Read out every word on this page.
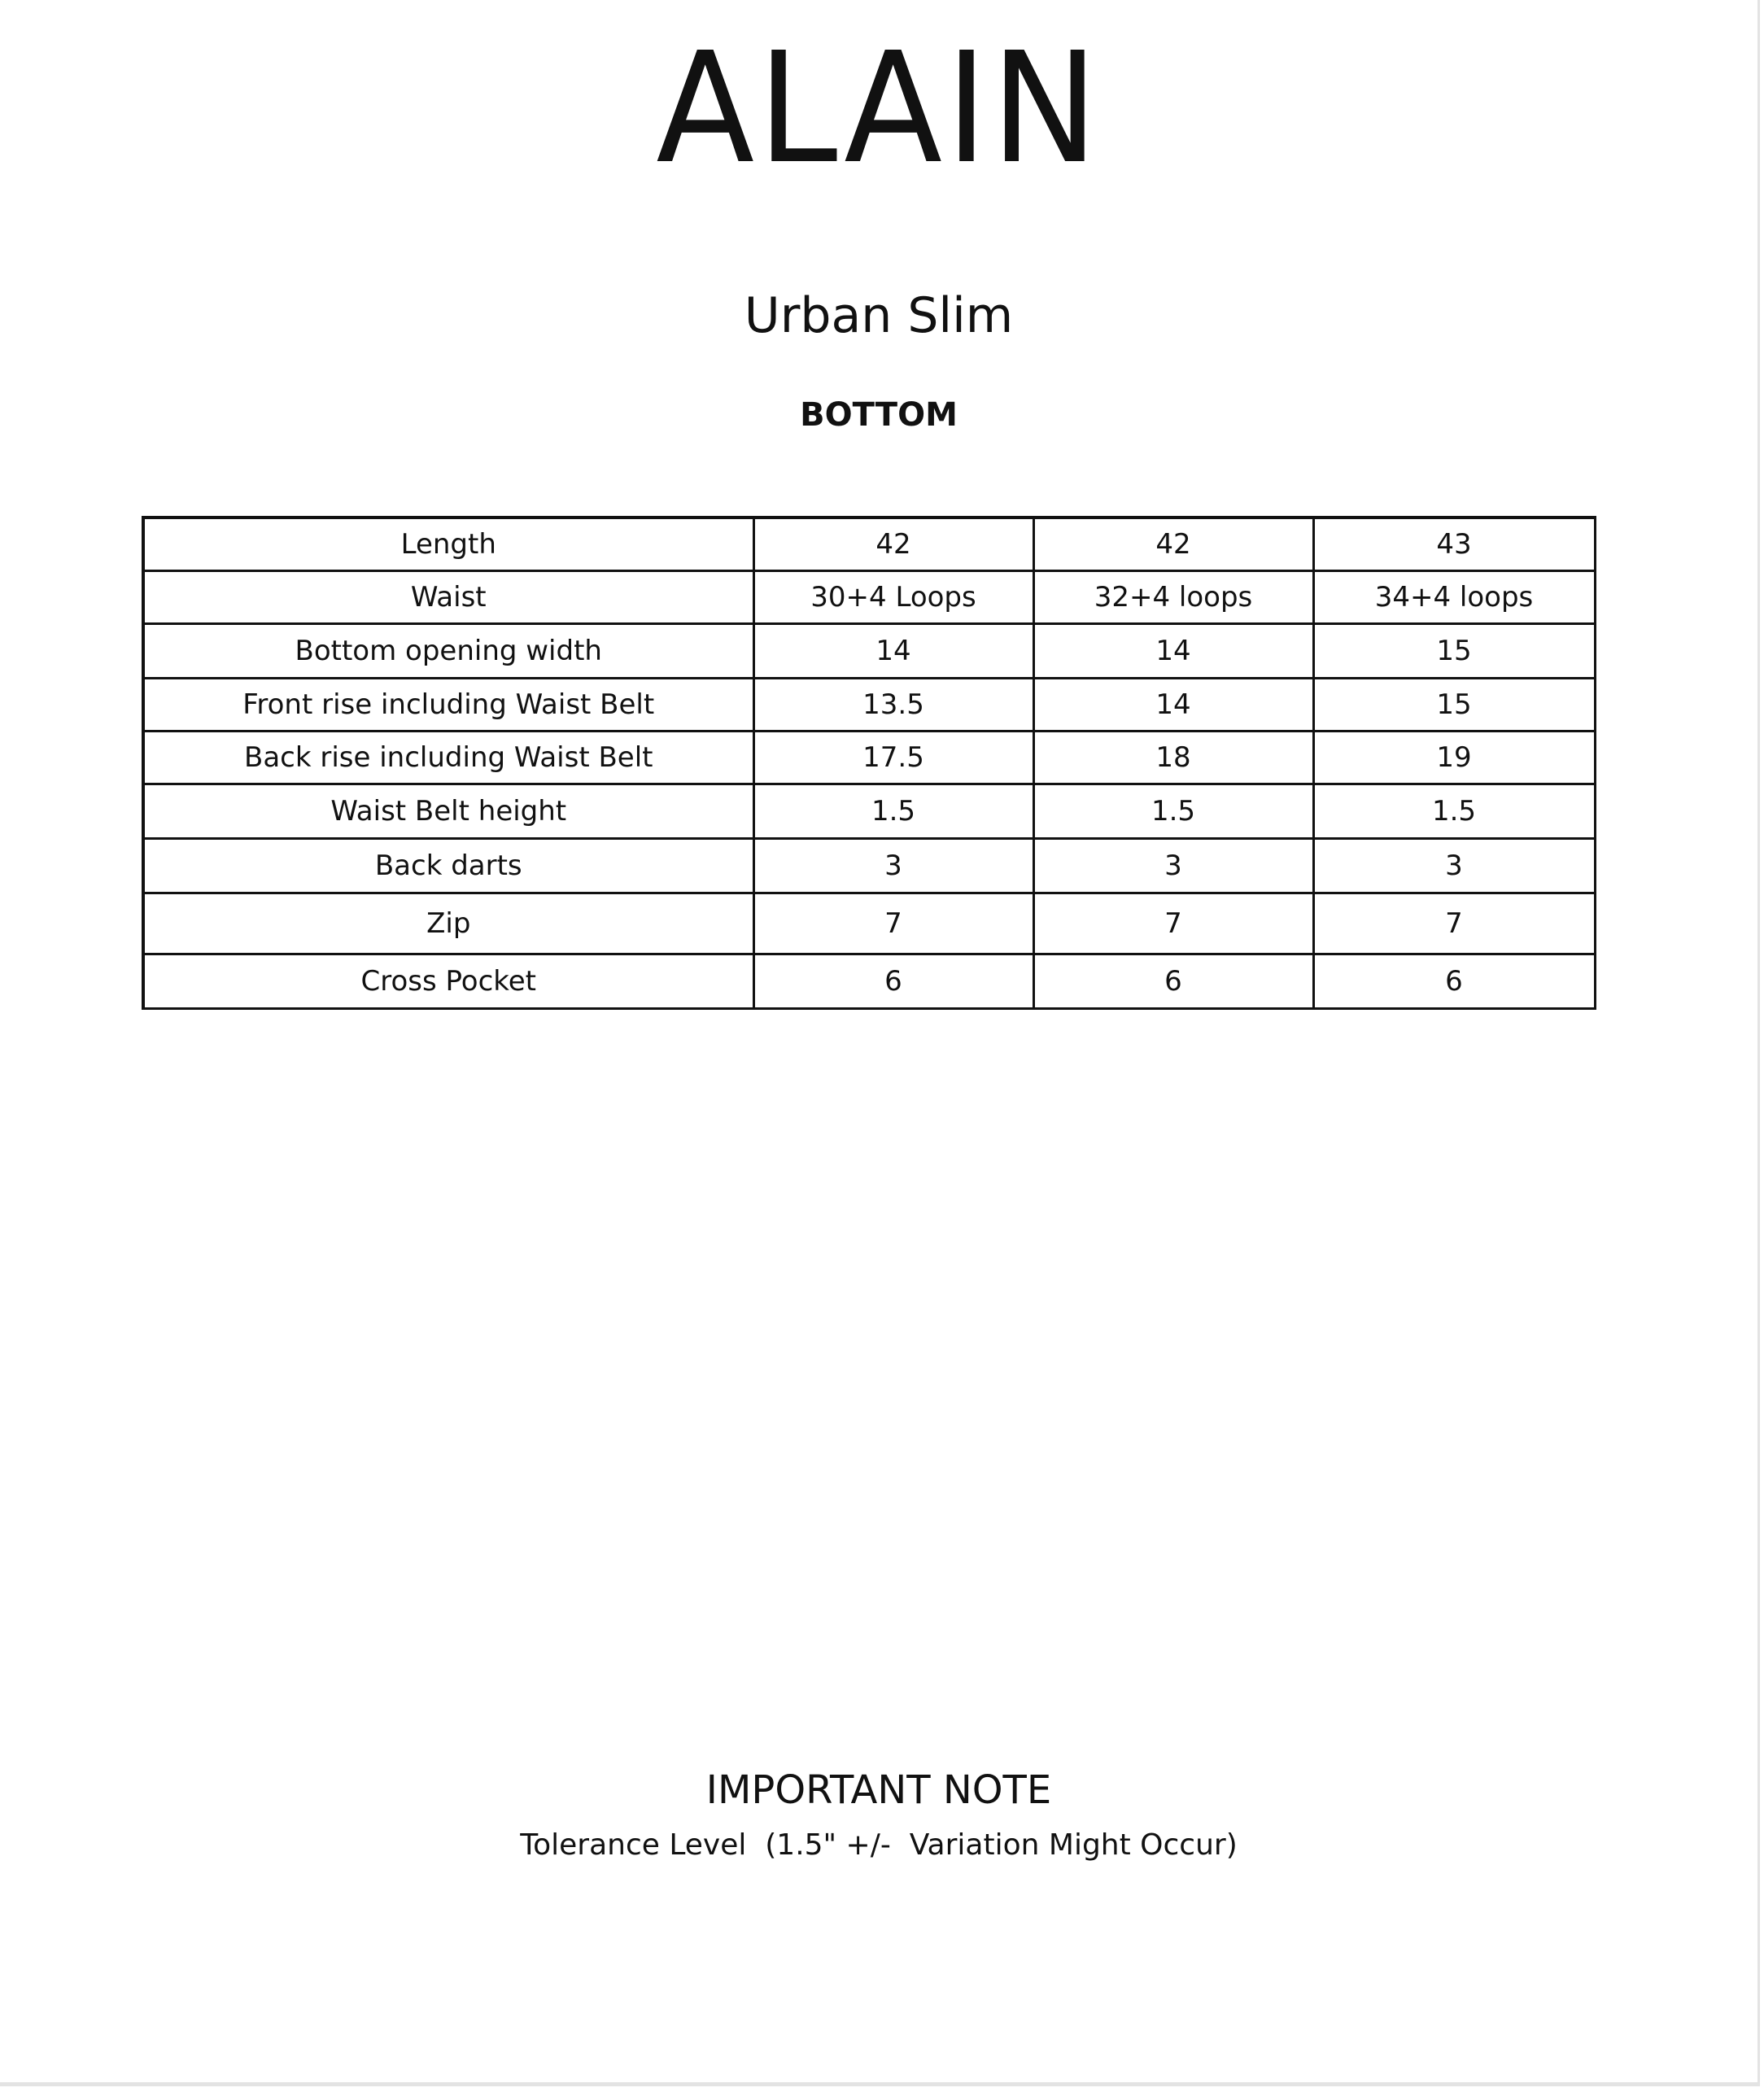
ALAIN
Urban Slim
BOTTOM
Length	42	42	43
Waist	30+4 Loops	32+4 loops	34+4 loops
Bottom opening width	14	14	15
Front rise including Waist Belt	13.5	14	15
Back rise including Waist Belt	17.5	18	19
Waist Belt height	1.5	1.5	1.5
Back darts	3	3	3
Zip	7	7	7
Cross Pocket	6	6	6
IMPORTANT NOTE
Tolerance Level  (1.5" +/-  Variation Might Occur)
